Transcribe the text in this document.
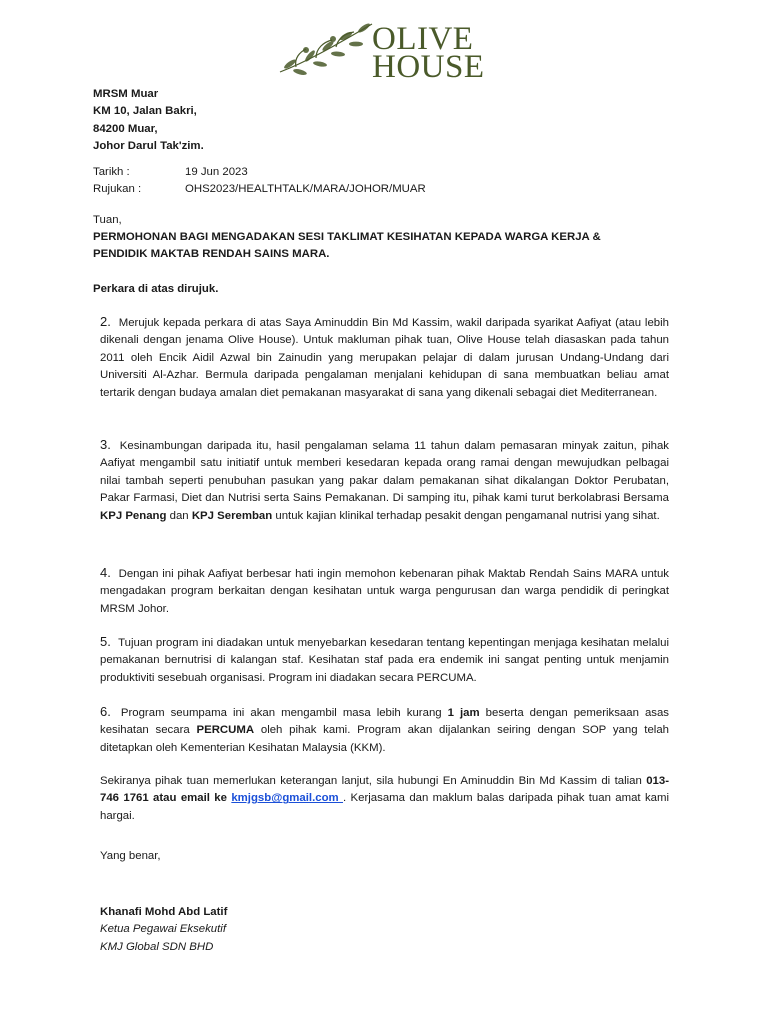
OLIVE
HOUSE
MRSM Muar
KM 10, Jalan Bakri,
84200 Muar,
Johor Darul Tak'zim.
Tarikh :	19 Jun 2023
Rujukan :	OHS2023/HEALTHTALK/MARA/JOHOR/MUAR
Tuan,
PERMOHONAN BAGI MENGADAKAN SESI TAKLIMAT KESIHATAN KEPADA WARGA KERJA &
PENDIDIK MAKTAB RENDAH SAINS MARA.
Perkara di atas dirujuk.

2. Merujuk kepada perkara di atas Saya Aminuddin Bin Md Kassim, wakil daripada syarikat Aafiyat (atau lebih dikenali dengan jenama Olive House). Untuk makluman pihak tuan, Olive House telah diasaskan pada tahun 2011 oleh Encik Aidil Azwal bin Zainudin yang merupakan pelajar di dalam jurusan Undang-Undang dari Universiti Al-Azhar. Bermula daripada pengalaman menjalani kehidupan di sana membuatkan beliau amat tertarik dengan budaya amalan diet pemakanan masyarakat di sana yang dikenali sebagai diet Mediterranean.

3. Kesinambungan daripada itu, hasil pengalaman selama 11 tahun dalam pemasaran minyak zaitun, pihak Aafiyat mengambil satu initiatif untuk memberi kesedaran kepada orang ramai dengan mewujudkan pelbagai nilai tambah seperti penubuhan pasukan yang pakar dalam pemakanan sihat dikalangan Doktor Perubatan, Pakar Farmasi, Diet dan Nutrisi serta Sains Pemakanan. Di samping itu, pihak kami turut berkolabrasi Bersama KPJ Penang dan KPJ Seremban untuk kajian klinikal terhadap pesakit dengan pengamanal nutrisi yang sihat.

4. Dengan ini pihak Aafiyat berbesar hati ingin memohon kebenaran pihak Maktab Rendah Sains MARA untuk mengadakan program berkaitan dengan kesihatan untuk warga pengurusan dan warga pendidik di peringkat MRSM Johor.

5. Tujuan program ini diadakan untuk menyebarkan kesedaran tentang kepentingan menjaga kesihatan melalui pemakanan bernutrisi di kalangan staf. Kesihatan staf pada era endemik ini sangat penting untuk menjamin produktiviti sesebuah organisasi. Program ini diadakan secara PERCUMA.

6. Program seumpama ini akan mengambil masa lebih kurang 1 jam beserta dengan pemeriksaan asas kesihatan secara PERCUMA oleh pihak kami. Program akan dijalankan seiring dengan SOP yang telah ditetapkan oleh Kementerian Kesihatan Malaysia (KKM).

Sekiranya pihak tuan memerlukan keterangan lanjut, sila hubungi En Aminuddin Bin Md Kassim di talian 013-746 1761 atau email ke kmjgsb@gmail.com . Kerjasama dan maklum balas daripada pihak tuan amat kami hargai.

Yang benar,
Khanafi Mohd Abd Latif
Ketua Pegawai Eksekutif
KMJ Global SDN BHD
